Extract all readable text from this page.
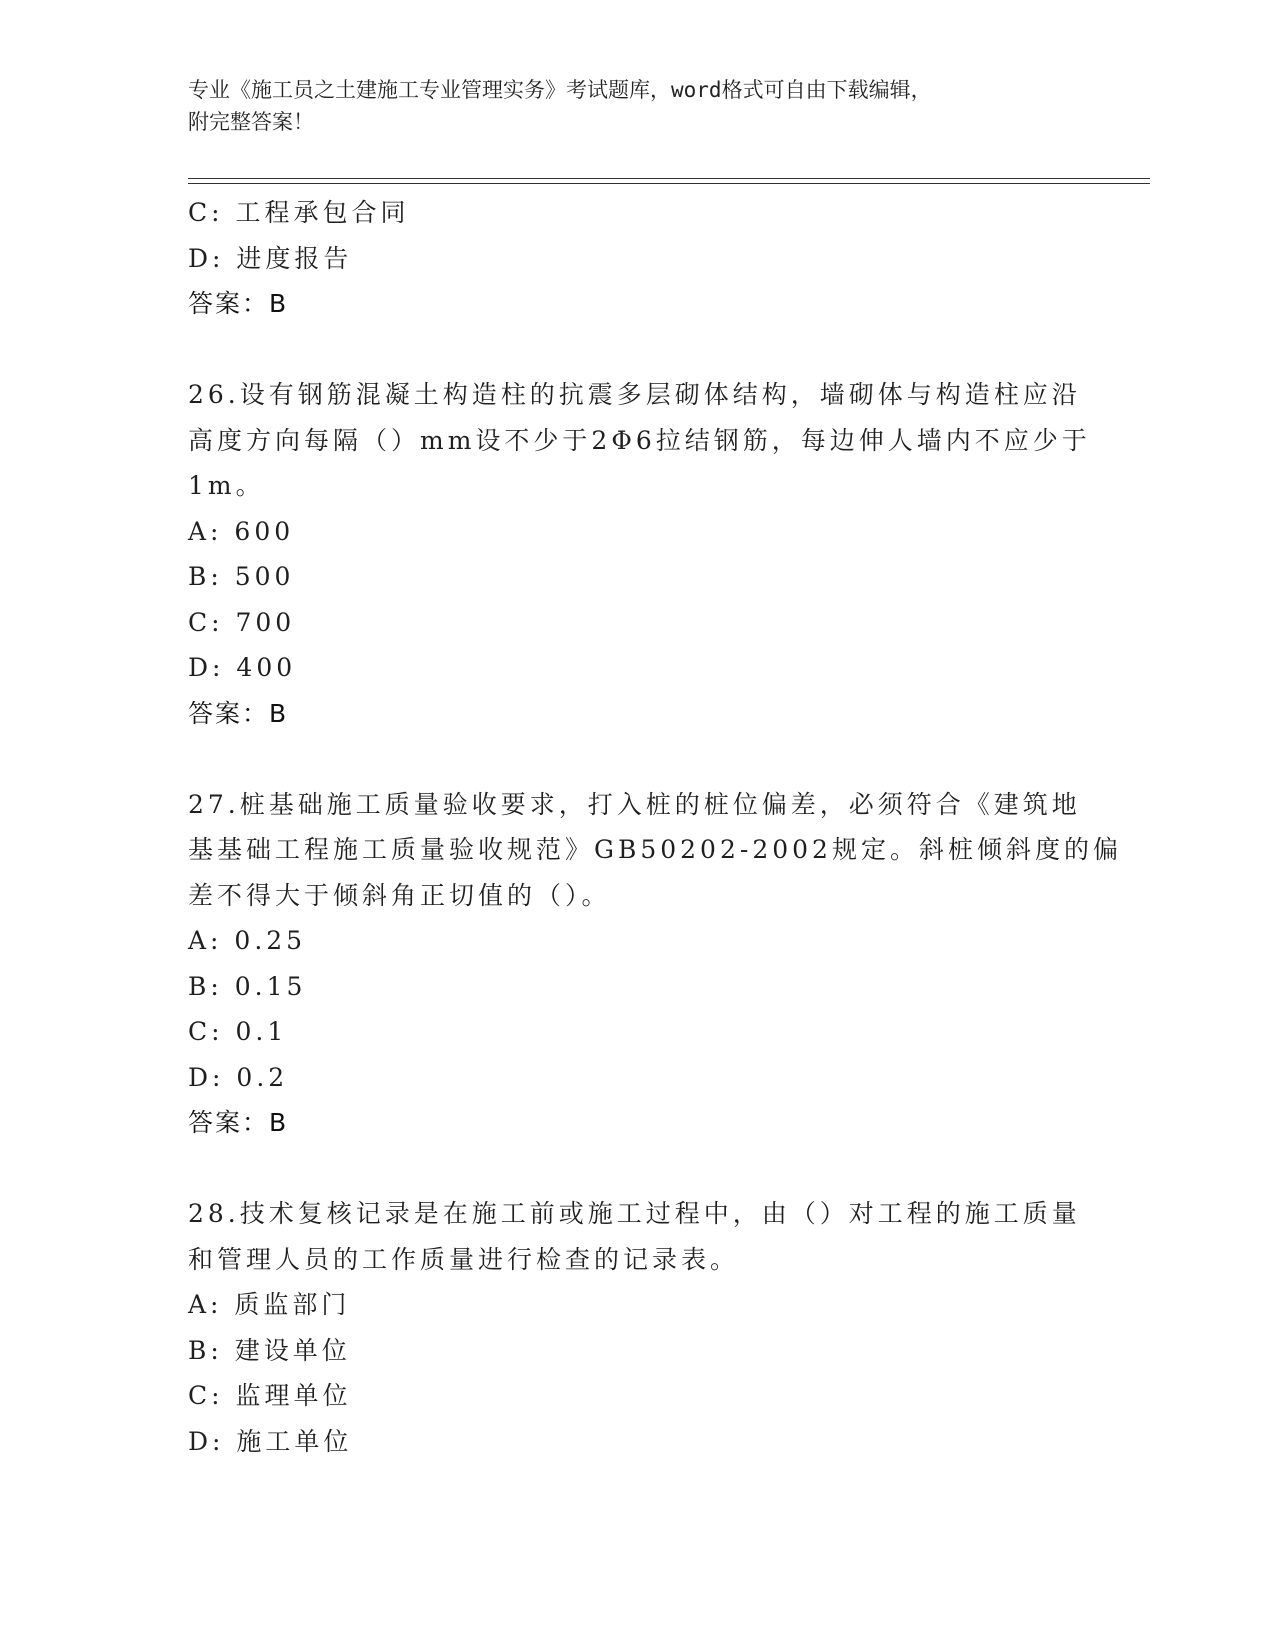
专业《施工员之土建施工专业管理实务》考试题库，word格式可自由下载编辑，
附完整答案！
C: 工程承包合同
D: 进度报告
答案：B
26.设有钢筋混凝土构造柱的抗震多层砌体结构，墙砌体与构造柱应沿
高度方向每隔（）mm设不少于2Φ6拉结钢筋，每边伸人墙内不应少于
1m。
A: 600
B: 500
C: 700
D: 400
答案：B
27.桩基础施工质量验收要求，打入桩的桩位偏差，必须符合《建筑地
基基础工程施工质量验收规范》GB50202-2002规定。斜桩倾斜度的偏
差不得大于倾斜角正切值的（）。
A: 0.25
B: 0.15
C: 0.1
D: 0.2
答案：B
28.技术复核记录是在施工前或施工过程中，由（）对工程的施工质量
和管理人员的工作质量进行检查的记录表。
A: 质监部门
B: 建设单位
C: 监理单位
D: 施工单位
